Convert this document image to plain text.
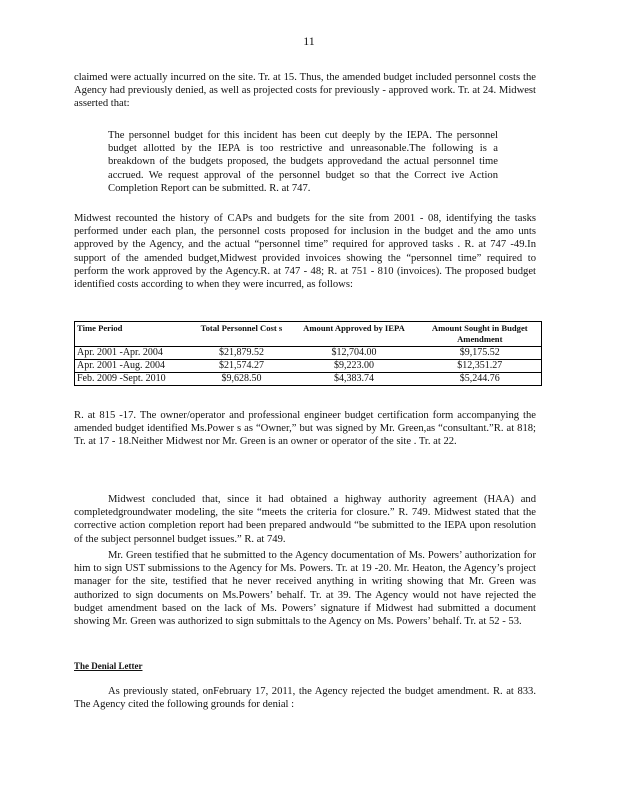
11

claimed were actually incurred on the site. Tr. at 15. Thus, the amended budget included personnel costs the Agency had previously denied, as well as projected costs for previously - approved work. Tr. at 24. Midwest asserted that:

The personnel budget for this incident has been cut deeply by the IEPA. The personnel budget allotted by the IEPA is too restrictive and unreasonable.The following is a breakdown of the budgets proposed, the budgets approvedand the actual personnel time accrued. We request approval of the personnel budget so that the Correct ive Action Completion Report can be submitted. R. at 747.

Midwest recounted the history of CAPs and budgets for the site from 2001 - 08, identifying the tasks performed under each plan, the personnel costs proposed for inclusion in the budget and the amo unts approved by the Agency, and the actual “personnel time” required for approved tasks . R. at 747 -49.In support of the amended budget,Midwest provided invoices showing the “personnel time” required to perform the work approved by the Agency.R. at 747 - 48; R. at 751 - 810 (invoices). The proposed budget identified costs according to when they were incurred, as follows:

Time Period	Total Personnel Cost s	Amount Approved by IEPA	Amount Sought in Budget Amendment
Apr. 2001 -Apr. 2004	$21,879.52	$12,704.00	$9,175.52
Apr. 2001 -Aug. 2004	$21,574.27	$9,223.00	$12,351.27
Feb. 2009 -Sept. 2010	$9,628.50	$4,383.74	$5,244.76

R. at 815 -17. The owner/operator and professional engineer budget certification form accompanying the amended budget identified Ms.Power s as “Owner,” but was signed by Mr. Green,as “consultant.”R. at 818; Tr. at 17 - 18.Neither Midwest nor Mr. Green is an owner or operator of the site . Tr. at 22.

Midwest concluded that, since it had obtained a highway authority agreement (HAA) and completedgroundwater modeling, the site “meets the criteria for closure.” R. 749. Midwest stated that the corrective action completion report had been prepared andwould “be submitted to the IEPA upon resolution of the subject personnel budget issues.” R. at 749.

Mr. Green testified that he submitted to the Agency documentation of Ms. Powers’ authorization for him to sign UST submissions to the Agency for Ms. Powers. Tr. at 19 -20. Mr. Heaton, the Agency’s project manager for the site, testified that he never received anything in writing showing that Mr. Green was authorized to sign documents on Ms.Powers’ behalf. Tr. at 39. The Agency would not have rejected the budget amendment based on the lack of Ms. Powers’ signature if Midwest had submitted a document showing Mr. Green was authorized to sign submittals to the Agency on Ms. Powers’ behalf. Tr. at 52 - 53.

The Denial Letter

As previously stated, onFebruary 17, 2011, the Agency rejected the budget amendment. R. at 833. The Agency cited the following grounds for denial :
